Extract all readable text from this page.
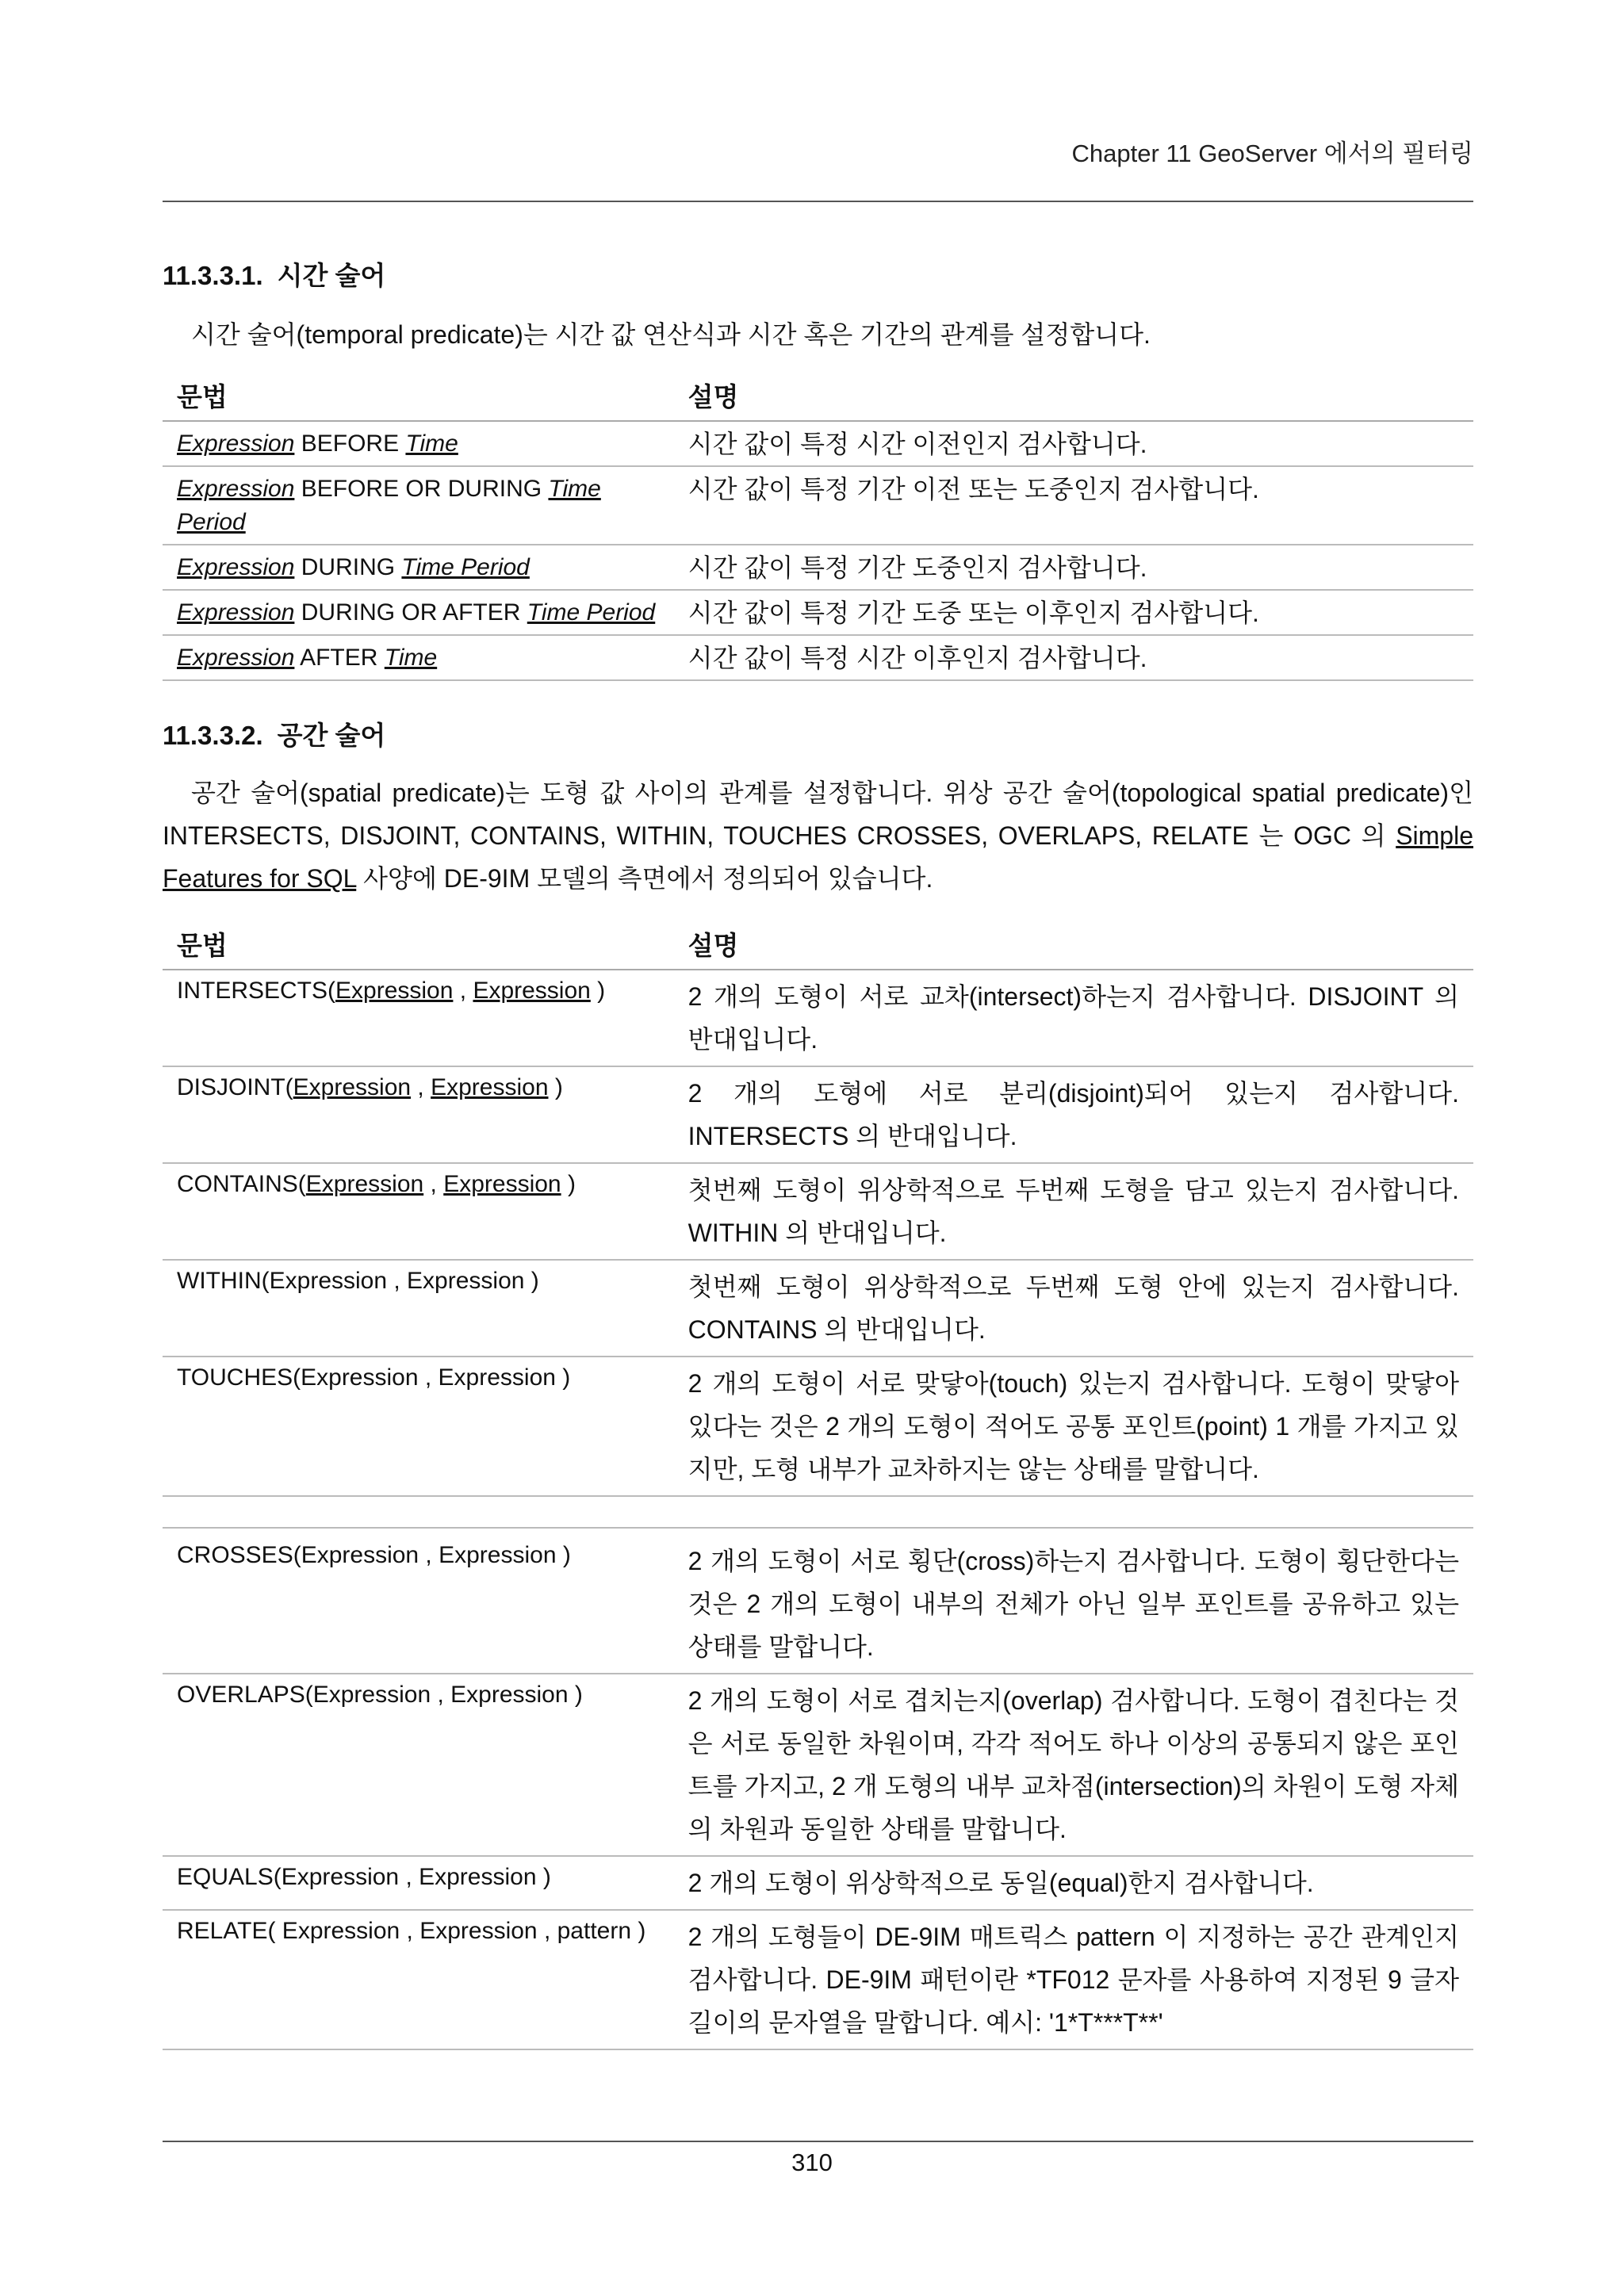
Chapter 11 GeoServer 에서의 필터링
11.3.3.1. 시간 술어

시간 술어(temporal predicate)는 시간 값 연산식과 시간 혹은 기간의 관계를 설정합니다.

문법	설명
Expression BEFORE Time	시간 값이 특정 시간 이전인지 검사합니다.
Expression BEFORE OR DURING Time Period	시간 값이 특정 기간 이전 또는 도중인지 검사합니다.
Expression DURING Time Period	시간 값이 특정 기간 도중인지 검사합니다.
Expression DURING OR AFTER Time Period	시간 값이 특정 기간 도중 또는 이후인지 검사합니다.
Expression AFTER Time	시간 값이 특정 시간 이후인지 검사합니다.
11.3.3.2. 공간 술어

공간 술어(spatial predicate)는 도형 값 사이의 관계를 설정합니다. 위상 공간 술어(topological spatial predicate)인 INTERSECTS, DISJOINT, CONTAINS, WITHIN, TOUCHES CROSSES, OVERLAPS, RELATE 는 OGC 의 Simple Features for SQL 사양에 DE-9IM 모델의 측면에서 정의되어 있습니다.

문법	설명
INTERSECTS(Expression , Expression )	2 개의 도형이 서로 교차(intersect)하는지 검사합니다. DISJOINT 의 반대입니다.
DISJOINT(Expression , Expression )	2 개의 도형에 서로 분리(disjoint)되어 있는지 검사합니다. INTERSECTS 의 반대입니다.
CONTAINS(Expression , Expression )	첫번째 도형이 위상학적으로 두번째 도형을 담고 있는지 검사합니다. WITHIN 의 반대입니다.
WITHIN(Expression , Expression )	첫번째 도형이 위상학적으로 두번째 도형 안에 있는지 검사합니다. CONTAINS 의 반대입니다.
TOUCHES(Expression , Expression )	2 개의 도형이 서로 맞닿아(touch) 있는지 검사합니다. 도형이 맞닿아 있다는 것은 2 개의 도형이 적어도 공통 포인트(point) 1 개를 가지고 있지만, 도형 내부가 교차하지는 않는 상태를 말합니다.

CROSSES(Expression , Expression )	2 개의 도형이 서로 횡단(cross)하는지 검사합니다. 도형이 횡단한다는 것은 2 개의 도형이 내부의 전체가 아닌 일부 포인트를 공유하고 있는 상태를 말합니다.
OVERLAPS(Expression , Expression )	2 개의 도형이 서로 겹치는지(overlap) 검사합니다. 도형이 겹친다는 것은 서로 동일한 차원이며, 각각 적어도 하나 이상의 공통되지 않은 포인트를 가지고, 2 개 도형의 내부 교차점(intersection)의 차원이 도형 자체의 차원과 동일한 상태를 말합니다.
EQUALS(Expression , Expression )	2 개의 도형이 위상학적으로 동일(equal)한지 검사합니다.
RELATE( Expression , Expression , pattern )	2 개의 도형들이 DE-9IM 매트릭스 pattern 이 지정하는 공간 관계인지 검사합니다. DE-9IM 패턴이란 *TF012 문자를 사용하여 지정된 9 글자 길이의 문자열을 말합니다. 예시: '1*T***T**'
310
